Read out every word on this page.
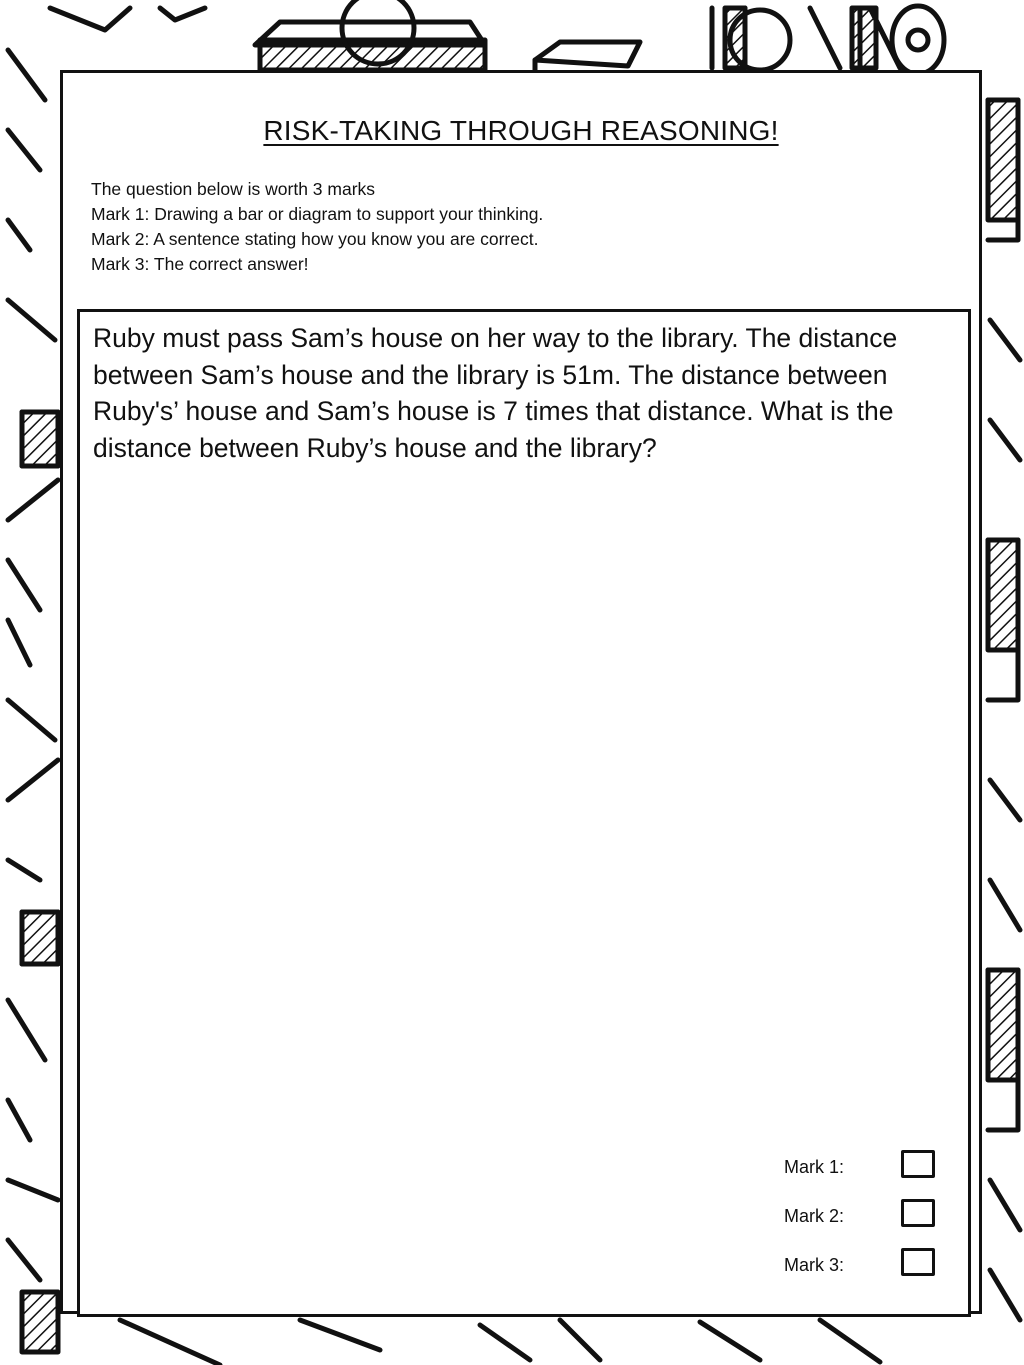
RISK-TAKING THROUGH REASONING!
The question below is worth 3 marks
Mark 1: Drawing a bar or diagram to support your thinking.
Mark 2: A sentence stating how you know you are correct.
Mark 3: The correct answer!

Ruby must pass Sam’s house on her way to the library. The distance between Sam’s house and the library is 51m. The distance between Ruby's’ house and Sam’s house is 7 times that distance. What is the distance between Ruby’s house and the library?

Mark 1:
Mark 2:
Mark 3:
